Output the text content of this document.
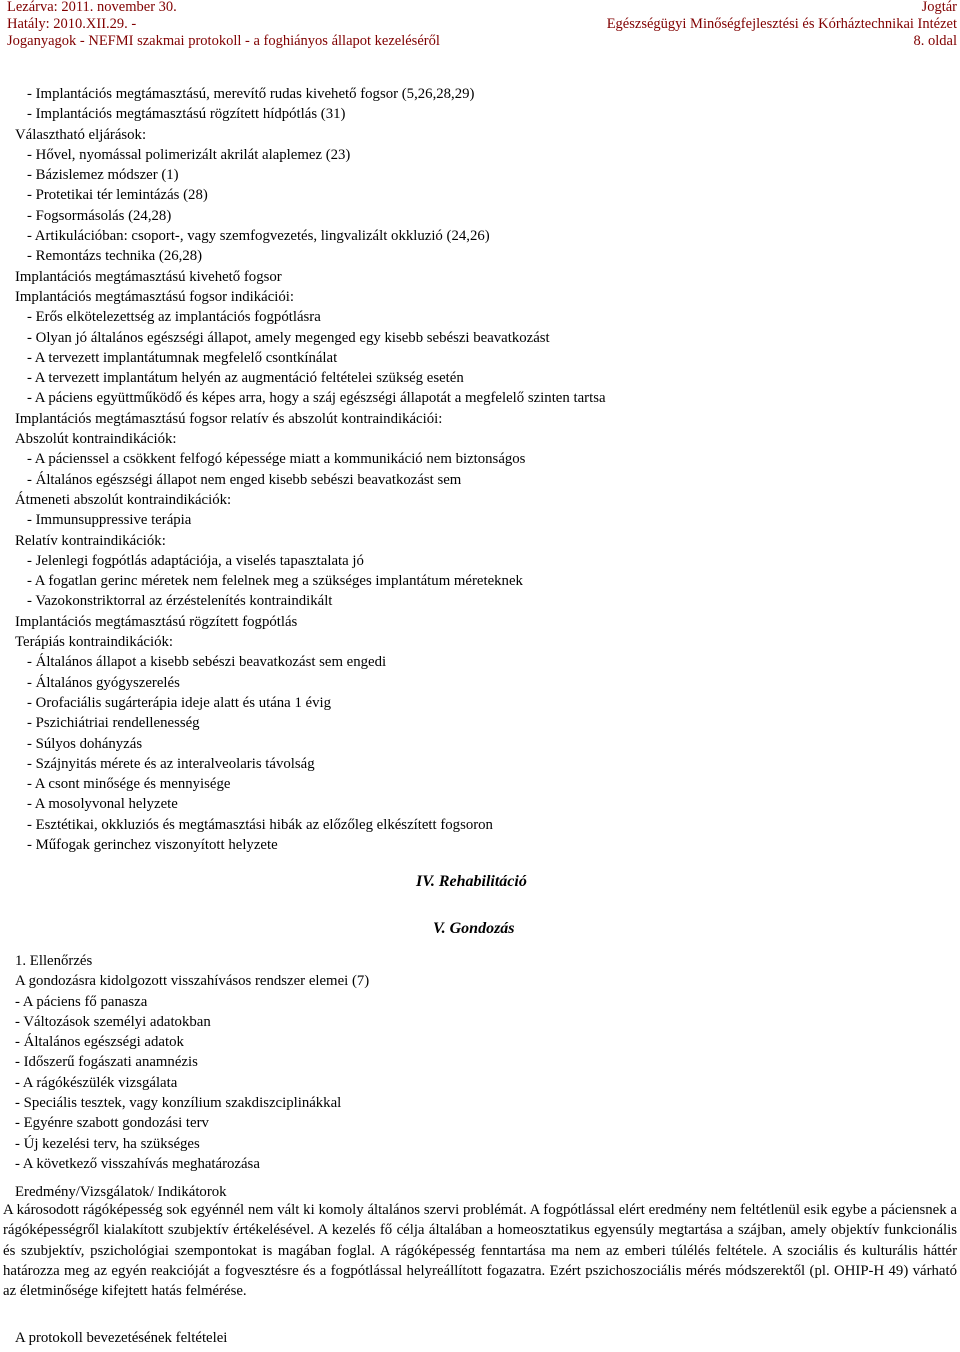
Lezárva: 2011. november 30.
Hatály: 2010.XII.29. -
Joganyagok - NEFMI szakmai protokoll - a foghiányos állapot kezeléséről
Jogtár
Egészségügyi Minőségfejlesztési és Kórháztechnikai Intézet
8. oldal
- Implantációs megtámasztású, merevítő rudas kivehető fogsor (5,26,28,29)
- Implantációs megtámasztású rögzített hídpótlás (31)
Választható eljárások:
- Hővel, nyomással polimerizált akrilát alaplemez (23)
- Bázislemez módszer (1)
- Protetikai tér lemintázás (28)
- Fogsormásolás (24,28)
- Artikulációban: csoport-, vagy szemfogvezetés, lingvalizált okkluzió (24,26)
- Remontázs technika (26,28)
Implantációs megtámasztású kivehető fogsor
Implantációs megtámasztású fogsor indikációi:
- Erős elkötelezettség az implantációs fogpótlásra
- Olyan jó általános egészségi állapot, amely megenged egy kisebb sebészi beavatkozást
- A tervezett implantátumnak megfelelő csontkínálat
- A tervezett implantátum helyén az augmentáció feltételei szükség esetén
- A páciens együttműködő és képes arra, hogy a száj egészségi állapotát a megfelelő szinten tartsa
Implantációs megtámasztású fogsor relatív és abszolút kontraindikációi:
Abszolút kontraindikációk:
- A pácienssel a csökkent felfogó képessége miatt a kommunikáció nem biztonságos
- Általános egészségi állapot nem enged kisebb sebészi beavatkozást sem
Átmeneti abszolút kontraindikációk:
- Immunsuppressive terápia
Relatív kontraindikációk:
- Jelenlegi fogpótlás adaptációja, a viselés tapasztalata jó
- A fogatlan gerinc méretek nem felelnek meg a szükséges implantátum méreteknek
- Vazokonstriktorral az érzéstelenítés kontraindikált
Implantációs megtámasztású rögzített fogpótlás
Terápiás kontraindikációk:
- Általános állapot a kisebb sebészi beavatkozást sem engedi
- Általános gyógyszerelés
- Orofaciális sugárterápia ideje alatt és utána 1 évig
- Pszichiátriai rendellenesség
- Súlyos dohányzás
- Szájnyitás mérete és az interalveolaris távolság
- A csont minősége és mennyisége
- A mosolyvonal helyzete
- Esztétikai, okkluziós és megtámasztási hibák az előzőleg elkészített fogsoron
- Műfogak gerinchez viszonyított helyzete
IV. Rehabilitáció
V. Gondozás
1. Ellenőrzés
A gondozásra kidolgozott visszahívásos rendszer elemei (7)
- A páciens fő panasza
- Változások személyi adatokban
- Általános egészségi adatok
- Időszerű fogászati anamnézis
- A rágókészülék vizsgálata
- Speciális tesztek, vagy konzílium szakdiszciplinákkal
- Egyénre szabott gondozási terv
- Új kezelési terv, ha szükséges
- A következő visszahívás meghatározása
Eredmény/Vizsgálatok/ Indikátorok
A károsodott rágóképesség sok egyénnél nem vált ki komoly általános szervi problémát. A fogpótlással elért eredmény nem feltétlenül esik egybe a páciensnek a rágóképességről kialakított szubjektív értékelésével. A kezelés fő célja általában a homeosztatikus egyensúly megtartása a szájban, amely objektív funkcionális és szubjektív, pszichológiai szempontokat is magában foglal. A rágóképesség fenntartása ma nem az emberi túlélés feltétele. A szociális és kulturális háttér határozza meg az egyén reakcióját a fogvesztésre és a fogpótlással helyreállított fogazatra. Ezért pszichoszociális mérés módszerektől (pl. OHIP-H 49) várható az életminősége kifejtett hatás felmérése.
A protokoll bevezetésének feltételei
